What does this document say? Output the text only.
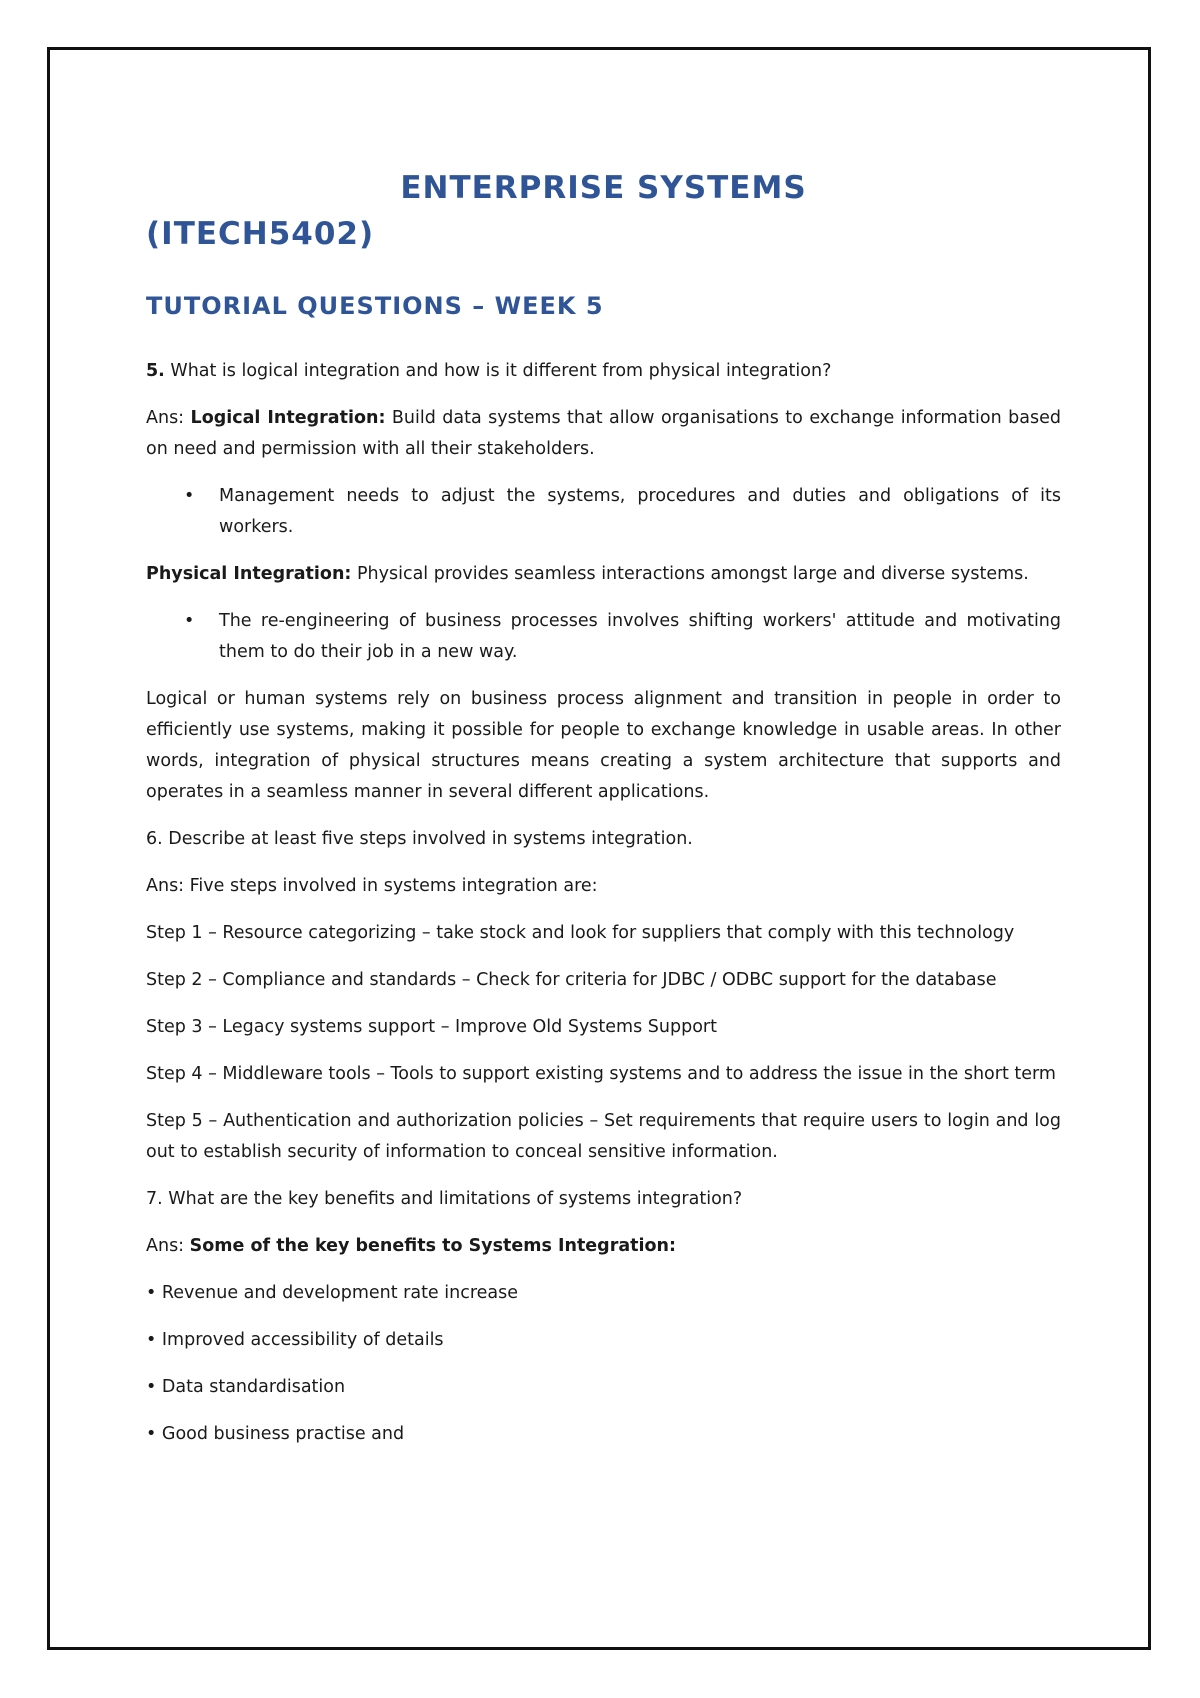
ENTERPRISE SYSTEMS

(ITECH5402)

TUTORIAL QUESTIONS – WEEK 5

5. What is logical integration and how is it different from physical integration?

Ans: Logical Integration: Build data systems that allow organisations to exchange information based on need and permission with all their stakeholders.

• Management needs to adjust the systems, procedures and duties and obligations of its workers.

Physical Integration: Physical provides seamless interactions amongst large and diverse systems.

• The re-engineering of business processes involves shifting workers' attitude and motivating them to do their job in a new way.

Logical or human systems rely on business process alignment and transition in people in order to efficiently use systems, making it possible for people to exchange knowledge in usable areas. In other words, integration of physical structures means creating a system architecture that supports and operates in a seamless manner in several different applications.

6. Describe at least five steps involved in systems integration.

Ans: Five steps involved in systems integration are:

Step 1 – Resource categorizing – take stock and look for suppliers that comply with this technology

Step 2 – Compliance and standards – Check for criteria for JDBC / ODBC support for the database

Step 3 – Legacy systems support – Improve Old Systems Support

Step 4 – Middleware tools – Tools to support existing systems and to address the issue in the short term

Step 5 – Authentication and authorization policies – Set requirements that require users to login and log out to establish security of information to conceal sensitive information.

7. What are the key benefits and limitations of systems integration?

Ans: Some of the key benefits to Systems Integration:

• Revenue and development rate increase

• Improved accessibility of details

• Data standardisation

• Good business practise and
